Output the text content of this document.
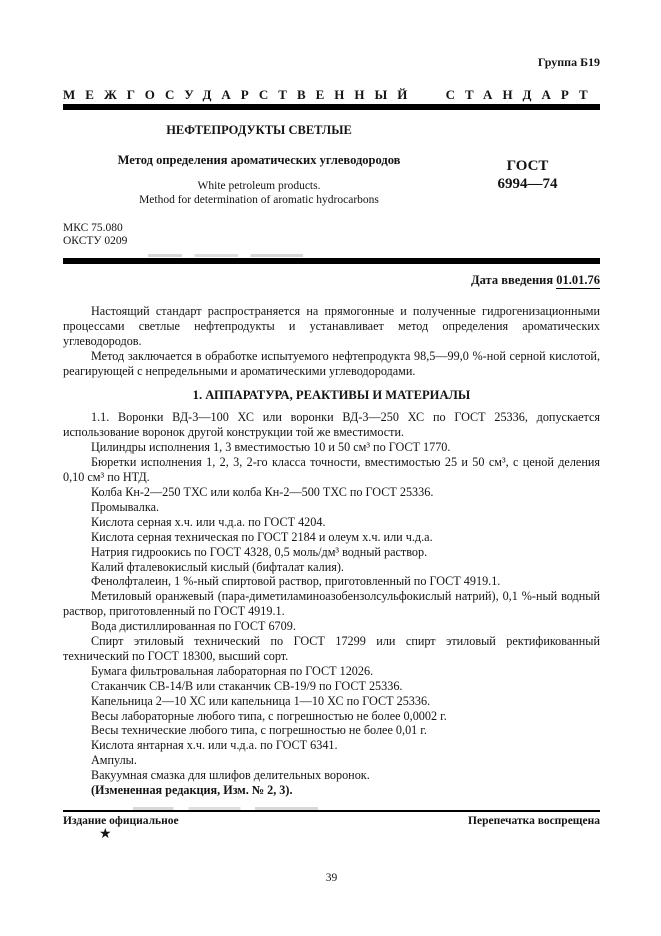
Группа Б19
МЕЖГОСУДАРСТВЕННЫЙ СТАНДАРТ
НЕФТЕПРОДУКТЫ СВЕТЛЫЕ
Метод определения ароматических углеводородов
White petroleum products.
Method for determination of aromatic hydrocarbons
МКС 75.080
ОКСТУ 0209
ГОСТ
6994—74
Дата введения 01.01.76

Настоящий стандарт распространяется на прямогонные и полученные гидрогенизационными процессами светлые нефтепродукты и устанавливает метод определения ароматических углеводородов.

Метод заключается в обработке испытуемого нефтепродукта 98,5—99,0 %-ной серной кислотой, реагирующей с непредельными и ароматическими углеводородами.

1. АППАРАТУРА, РЕАКТИВЫ И МАТЕРИАЛЫ

1.1. Воронки ВД-3—100 ХС или воронки ВД-3—250 ХС по ГОСТ 25336, допускается использование воронок другой конструкции той же вместимости.

Цилиндры исполнения 1, 3 вместимостью 10 и 50 см³ по ГОСТ 1770.

Бюретки исполнения 1, 2, 3, 2-го класса точности, вместимостью 25 и 50 см³, с ценой деления 0,10 см³ по НТД.

Колба Кн-2—250 ТХС или колба Кн-2—500 ТХС по ГОСТ 25336.

Промывалка.

Кислота серная х.ч. или ч.д.а. по ГОСТ 4204.

Кислота серная техническая по ГОСТ 2184 и олеум х.ч. или ч.д.а.

Натрия гидроокись по ГОСТ 4328, 0,5 моль/дм³ водный раствор.

Калий фталевокислый кислый (бифталат калия).

Фенолфталеин, 1 %-ный спиртовой раствор, приготовленный по ГОСТ 4919.1.

Метиловый оранжевый (пара-диметиламиноазобензолсульфокислый натрий), 0,1 %-ный водный раствор, приготовленный по ГОСТ 4919.1.

Вода дистиллированная по ГОСТ 6709.

Спирт этиловый технический по ГОСТ 17299 или спирт этиловый ректификованный технический по ГОСТ 18300, высший сорт.

Бумага фильтровальная лабораторная по ГОСТ 12026.

Стаканчик СВ-14/В или стаканчик СВ-19/9 по ГОСТ 25336.

Капельница 2—10 ХС или капельница 1—10 ХС по ГОСТ 25336.

Весы лабораторные любого типа, с погрешностью не более 0,0002 г.

Весы технические любого типа, с погрешностью не более 0,01 г.

Кислота янтарная х.ч. или ч.д.а. по ГОСТ 6341.

Ампулы.

Вакуумная смазка для шлифов делительных воронок.

(Измененная редакция, Изм. № 2, 3).

Издание официальное	Перепечатка воспрещена
★
39
